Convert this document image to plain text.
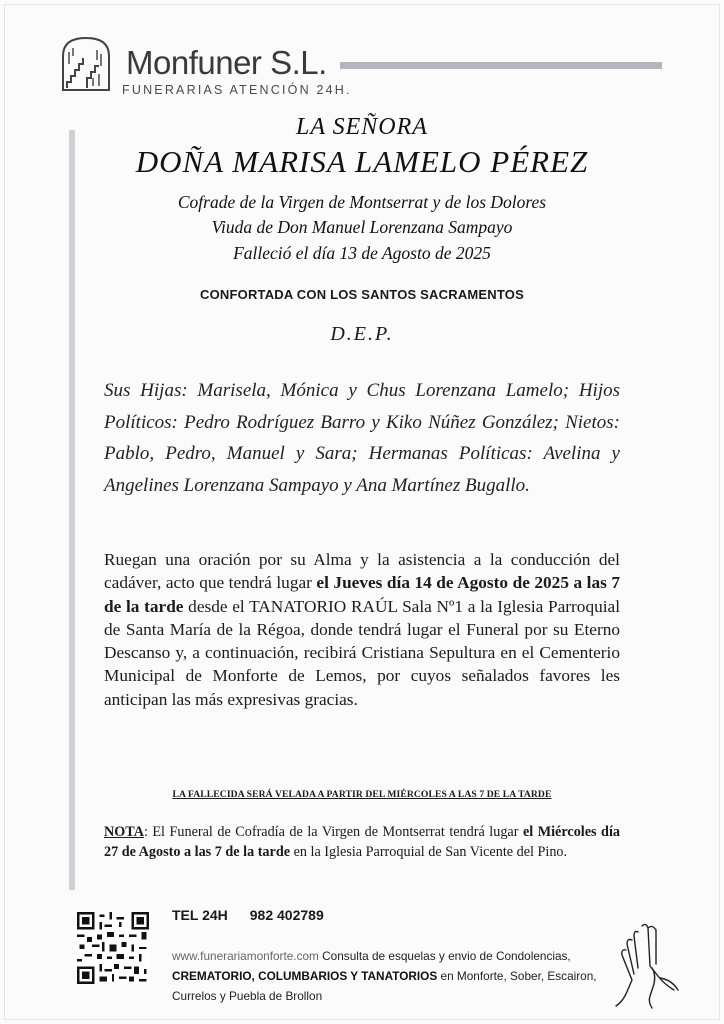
Monfuner S.L.
FUNERARIAS ATENCIÓN 24H.
LA SEÑORA
DOÑA MARISA LAMELO PÉREZ
Cofrade de la Virgen de Montserrat y de los Dolores
Viuda de Don Manuel Lorenzana Sampayo
Falleció el día 13 de Agosto de 2025
CONFORTADA CON LOS SANTOS SACRAMENTOS
D.E.P.
Sus Hijas: Marisela, Mónica y Chus Lorenzana Lamelo; Hijos Políticos: Pedro Rodríguez Barro y Kiko Núñez González; Nietos: Pablo, Pedro, Manuel y Sara; Hermanas Políticas: Avelina y Angelines Lorenzana Sampayo y Ana Martínez Bugallo.
Ruegan una oración por su Alma y la asistencia a la conducción del cadáver, acto que tendrá lugar el Jueves día 14 de Agosto de 2025 a las 7 de la tarde desde el TANATORIO RAÚL Sala Nº1 a la Iglesia Parroquial de Santa María de la Régoa, donde tendrá lugar el Funeral por su Eterno Descanso y, a continuación, recibirá Cristiana Sepultura en el Cementerio Municipal de Monforte de Lemos, por cuyos señalados favores les anticipan las más expresivas gracias.
LA FALLECIDA SERÁ VELADA A PARTIR DEL MIÉRCOLES A LAS 7 DE LA TARDE
NOTA: El Funeral de Cofradía de la Virgen de Montserrat tendrá lugar el Miércoles día 27 de Agosto a las 7 de la tarde en la Iglesia Parroquial de San Vicente del Pino.
TEL 24H 982 402789
www.funerariamonforte.com Consulta de esquelas y envio de Condolencias, CREMATORIO, COLUMBARIOS Y TANATORIOS en Monforte, Sober, Escairon, Currelos y Puebla de Brollon
